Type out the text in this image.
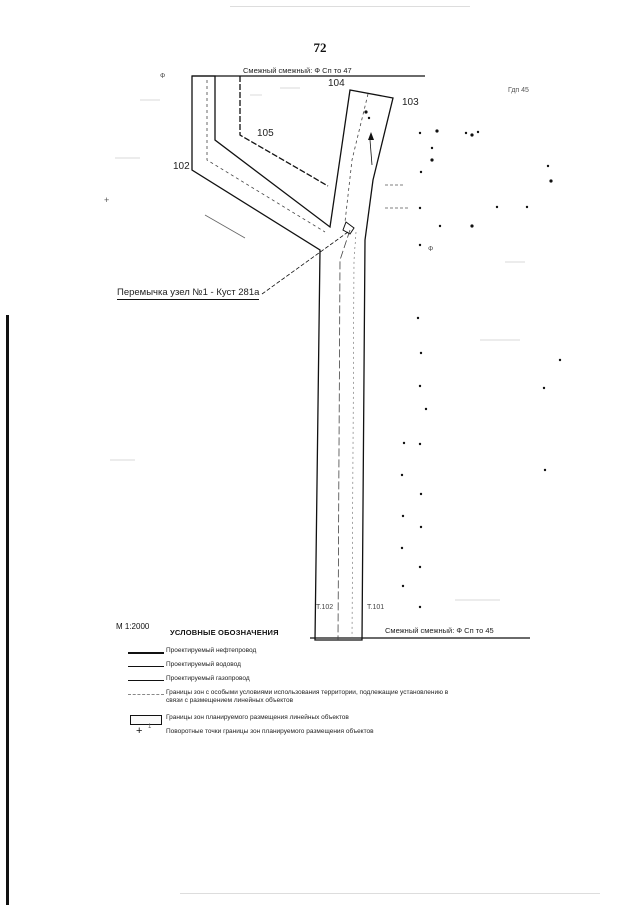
72
+
Смежный смежный: Ф Сп то 47
104
103
105
102
Гдп 45
Ф
Ф
Перемычка узел №1 - Куст 281а
Т.102	Т.101
Смежный смежный: Ф Сп то 45
М 1:2000
УСЛОВНЫЕ ОБОЗНАЧЕНИЯ
Проектируемый нефтепровод
Проектируемый водовод
Проектируемый газопровод
Границы зон с особыми условиями использования территории, подлежащие установлению в связи с размещением линейных объектов
Границы зон планируемого размещения линейных объектов
+ 1
Поворотные точки границы зон планируемого размещения объектов
